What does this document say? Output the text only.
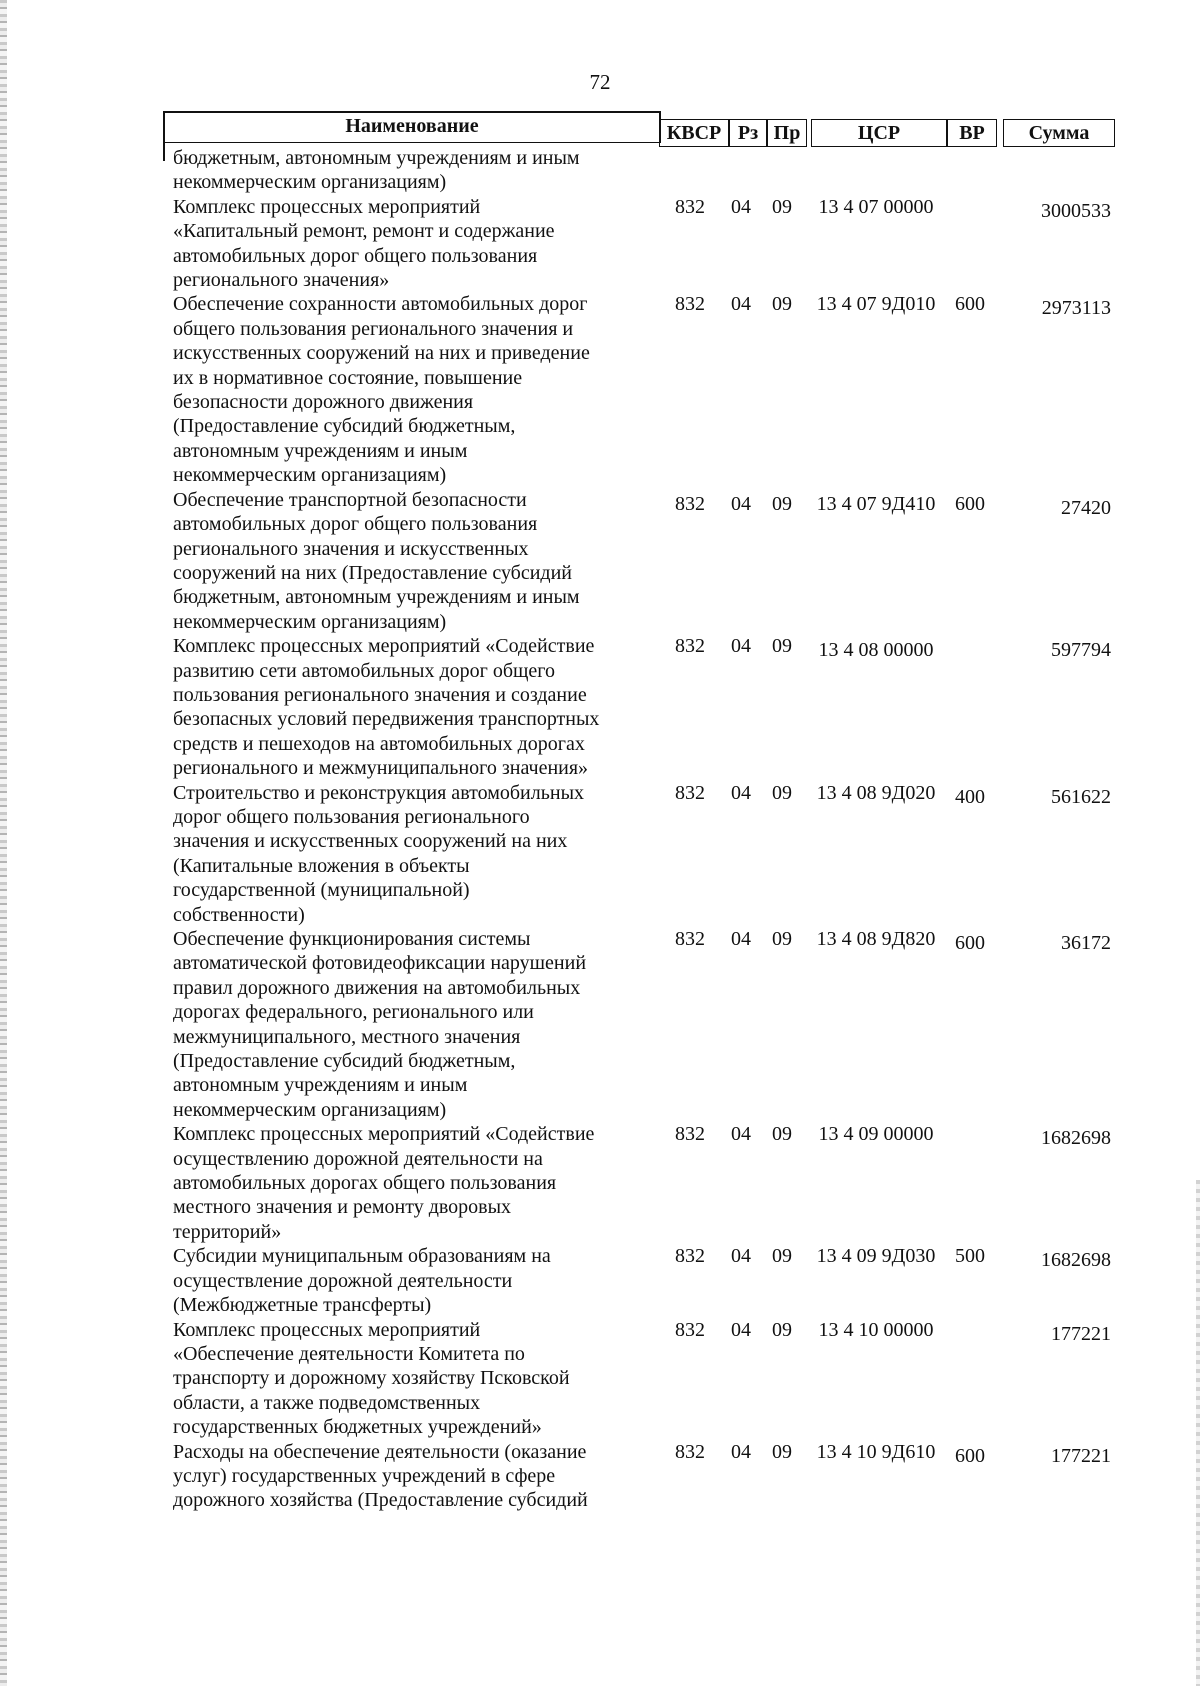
72
Наименование	КВСР Рз Пр	ЦСР	ВР	Сумма
бюджетным, автономным учреждениям и иным
некоммерческим организациям)
Комплекс процессных мероприятий
«Капитальный ремонт, ремонт и содержание
автомобильных дорог общего пользования
регионального значения»
832	04	09	13 4 07 00000	3000533
Обеспечение сохранности автомобильных дорог
общего пользования регионального значения и
искусственных сооружений на них и приведение
их в нормативное состояние, повышение
безопасности дорожного движения
(Предоставление субсидий бюджетным,
автономным учреждениям и иным
некоммерческим организациям)
832	04	09	13 4 07 9Д010 600	2973113
Обеспечение транспортной безопасности
автомобильных дорог общего пользования
регионального значения и искусственных
сооружений на них (Предоставление субсидий
бюджетным, автономным учреждениям и иным
некоммерческим организациям)
832	04	09	13 4 07 9Д410 600	27420
Комплекс процессных мероприятий «Содействие
развитию сети автомобильных дорог общего
пользования регионального значения и создание
безопасных условий передвижения транспортных
средств и пешеходов на автомобильных дорогах
регионального и межмуниципального значения»
832	04	09	13 4 08 00000	597794
Строительство и реконструкция автомобильных
дорог общего пользования регионального
значения и искусственных сооружений на них
(Капитальные вложения в объекты
государственной (муниципальной)
собственности)
832	04	09	13 4 08 9Д020 400	561622
Обеспечение функционирования системы
автоматической фотовидеофиксации нарушений
правил дорожного движения на автомобильных
дорогах федерального, регионального или
межмуниципального, местного значения
(Предоставление субсидий бюджетным,
автономным учреждениям и иным
некоммерческим организациям)
832	04	09	13 4 08 9Д820 600	36172
Комплекс процессных мероприятий «Содействие
осуществлению дорожной деятельности на
автомобильных дорогах общего пользования
местного значения и ремонту дворовых
территорий»
832	04	09	13 4 09 00000	1682698
Субсидии муниципальным образованиям на
осуществление дорожной деятельности
(Межбюджетные трансферты)
832	04	09	13 4 09 9Д030 500	1682698
Комплекс процессных мероприятий
«Обеспечение деятельности Комитета по
транспорту и дорожному хозяйству Псковской
области, а также подведомственных
государственных бюджетных учреждений»
832	04	09	13 4 10 00000	177221
Расходы на обеспечение деятельности (оказание
услуг) государственных учреждений в сфере
дорожного хозяйства (Предоставление субсидий
832	04	09	13 4 10 9Д610 600	177221
